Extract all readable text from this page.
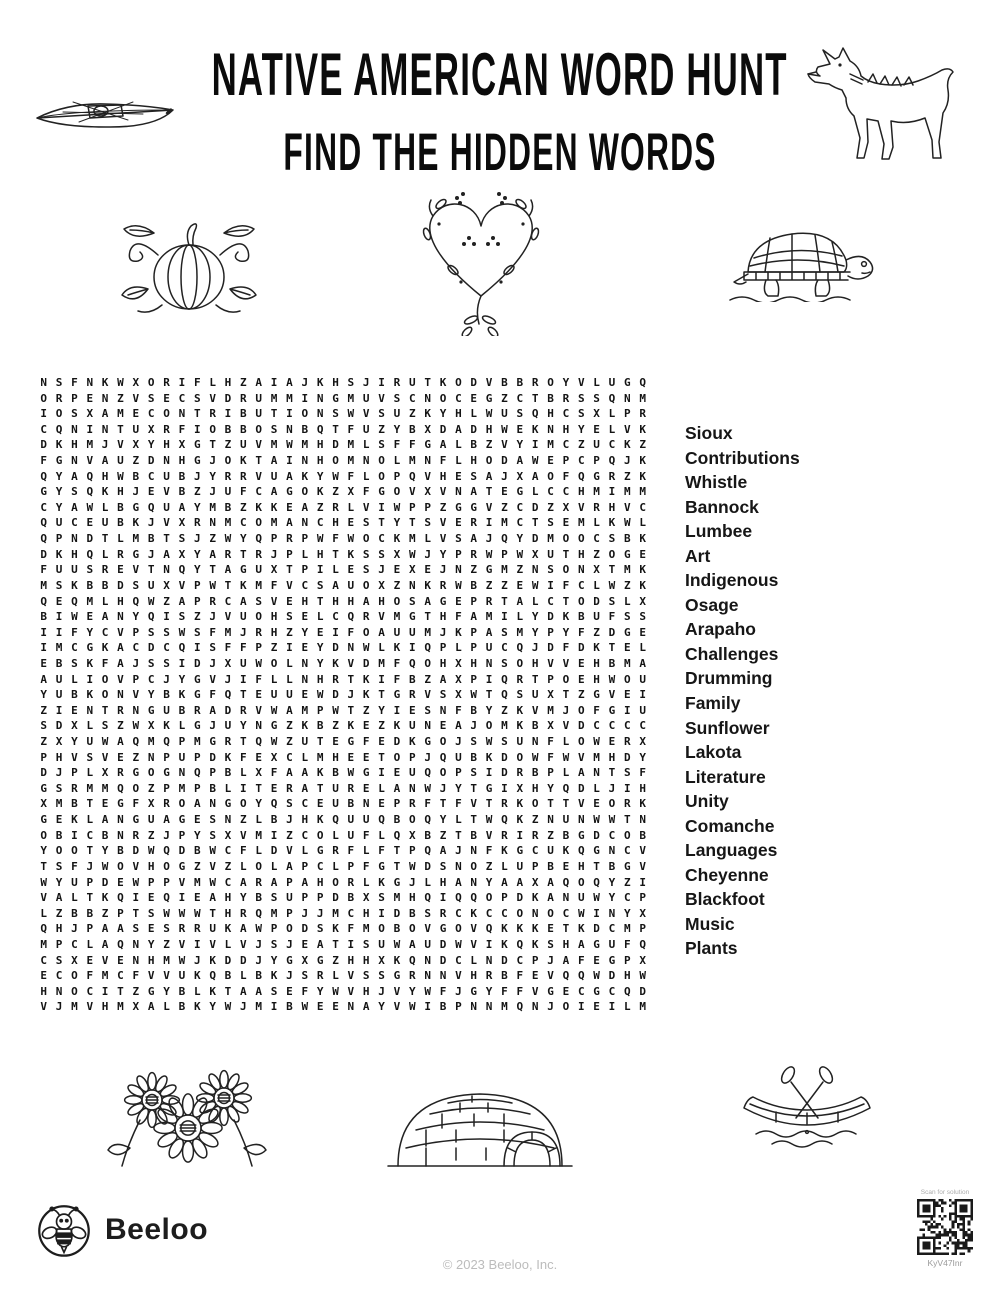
NATIVE AMERICAN WORD HUNT
FIND THE HIDDEN WORDS
N S F N K W X O R I F L H Z A I A J K H S J I R U T K O D V B B R O Y V L U G Q
O R P E N Z V S E C S V D R U M M I N G M U V S C N O C E G Z C T B R S S Q N M
I O S X A M E C O N T R I B U T I O N S W V S U Z K Y H L W U S Q H C S X L P R
C Q N I N T U X R F I O B B O S N B Q T F U Z Y B X D A D H W E K N H Y E L V K
D K H M J V X Y H X G T Z U V M W M H D M L S F F G A L B Z V Y I M C Z U C K Z
F G N V A U Z D N H G J O K T A I N H O M N O L M N F L H O D A W E P C P Q J K
Q Y A Q H W B C U B J Y R R V U A K Y W F L O P Q V H E S A J X A O F Q G R Z K
G Y S Q K H J E V B Z J U F C A G O K Z X F G O V X V N A T E G L C C H M I M M
C Y A W L B G Q U A Y M B Z K K E A Z R L V I W P P Z G G V Z C D Z X V R H V C
Q U C E U B K J V X R N M C O M A N C H E S T Y T S V E R I M C T S E M L K W L
Q P N D T L M B T S J Z W Y Q P R P W F W O C K M L V S A J Q Y D M O O C S B K
D K H Q L R G J A X Y A R T R J P L H T K S S X W J Y P R W P W X U T H Z O G E
F U U S R E V T N Q Y T A G U X T P I L E S J E X E J N Z G M Z N S O N X T M K
M S K B B D S U X V P W T K M F V C S A U O X Z N K R W B Z Z E W I F C L W Z K
Q E Q M L H Q W Z A P R C A S V E H T H H A H O S A G E P R T A L C T O D S L X
B I W E A N Y Q I S Z J V U O H S E L C Q R V M G T H F A M I L Y D K B U F S S
I I F Y C V P S S W S F M J R H Z Y E I F O A U U M J K P A S M Y P Y F Z D G E
I M C G K A C D C Q I S F F P Z I E Y D N W L K I Q P L P U C Q J D F D K T E L
E B S K F A J S S I D J X U W O L N Y K V D M F Q O H X H N S O H V V E H B M A
A U L I O V P C J Y G V J I F L L N H R T K I F B Z A X P I Q R T P O E H W O U
Y U B K O N V Y B K G F Q T E U U E W D J K T G R V S X W T Q S U X T Z G V E I
Z I E N T R N G U B R A D R V W A M P W T Z Y I E S N F B Y Z K V M J O F G I U
S D X L S Z W X K L G J U Y N G Z K B Z K E Z K U N E A J O M K B X V D C C C C
Z X Y U W A Q M Q P M G R T Q W Z U T E G F E D K G O J S W S U N F L O W E R X
P H V S V E Z N P U P D K F E X C L M H E E T O P J Q U B K D O W F W V M H D Y
D J P L X R G O G N Q P B L X F A A K B W G I E U Q O P S I D R B P L A N T S F
G S R M M Q O Z P M P B L I T E R A T U R E L A N W J Y T G I X H Y Q D L J I H
X M B T E G F X R O A N G O Y Q S C E U B N E P R F T F V T R K O T T V E O R K
G E K L A N G U A G E S N Z L B J H K Q U U Q B O Q Y L T W Q K Z N U N W W T N
O B I C B N R Z J P Y S X V M I Z C O L U F L Q X B Z T B V R I R Z B G D C O B
Y O O T Y B D W Q D B W C F L D V L G R F L F T P Q A J N F K G C U K Q G N C V
T S F J W O V H O G Z V Z L O L A P C L P F G T W D S N O Z L U P B E H T B G V
W Y U P D E W P P V M W C A R A P A H O R L K G J L H A N Y A A X A Q O Q Y Z I
V A L T K Q I E Q I E A H Y B S U P P D B X S M H Q I Q Q O P D K A N U W Y C P
L Z B B Z P T S W W W T H R Q M P J J M C H I D B S R C K C C O N O C W I N Y X
Q H J P A A S E S R R U K A W P O D S K F M O B O V G O V Q K K K E T K D C M P
M P C L A Q N Y Z V I V L V J S J E A T I S U W A U D W V I K Q K S H A G U F Q
C S X E V E N H M W J K D D J Y G X G Z H H X K Q N D C L N D C P J A F E G P X
E C O F M C F V V U K Q B L B K J S R L V S S G R N N V H R B F E V Q Q W D H W
H N O C I T Z G Y B L K T A A S E F Y W V H J V Y W F J G Y F F V G E C G C Q D
V J M V H M X A L B K Y W J M I B W E E N A Y V W I B P N N M Q N J O I E I L M
Sioux
Contributions
Whistle
Bannock
Lumbee
Art
Indigenous
Osage
Arapaho
Challenges
Drumming
Family
Sunflower
Lakota
Literature
Unity
Comanche
Languages
Cheyenne
Blackfoot
Music
Plants
Beeloo
© 2023 Beeloo, Inc.
Scan for solution
KyV47Inr
